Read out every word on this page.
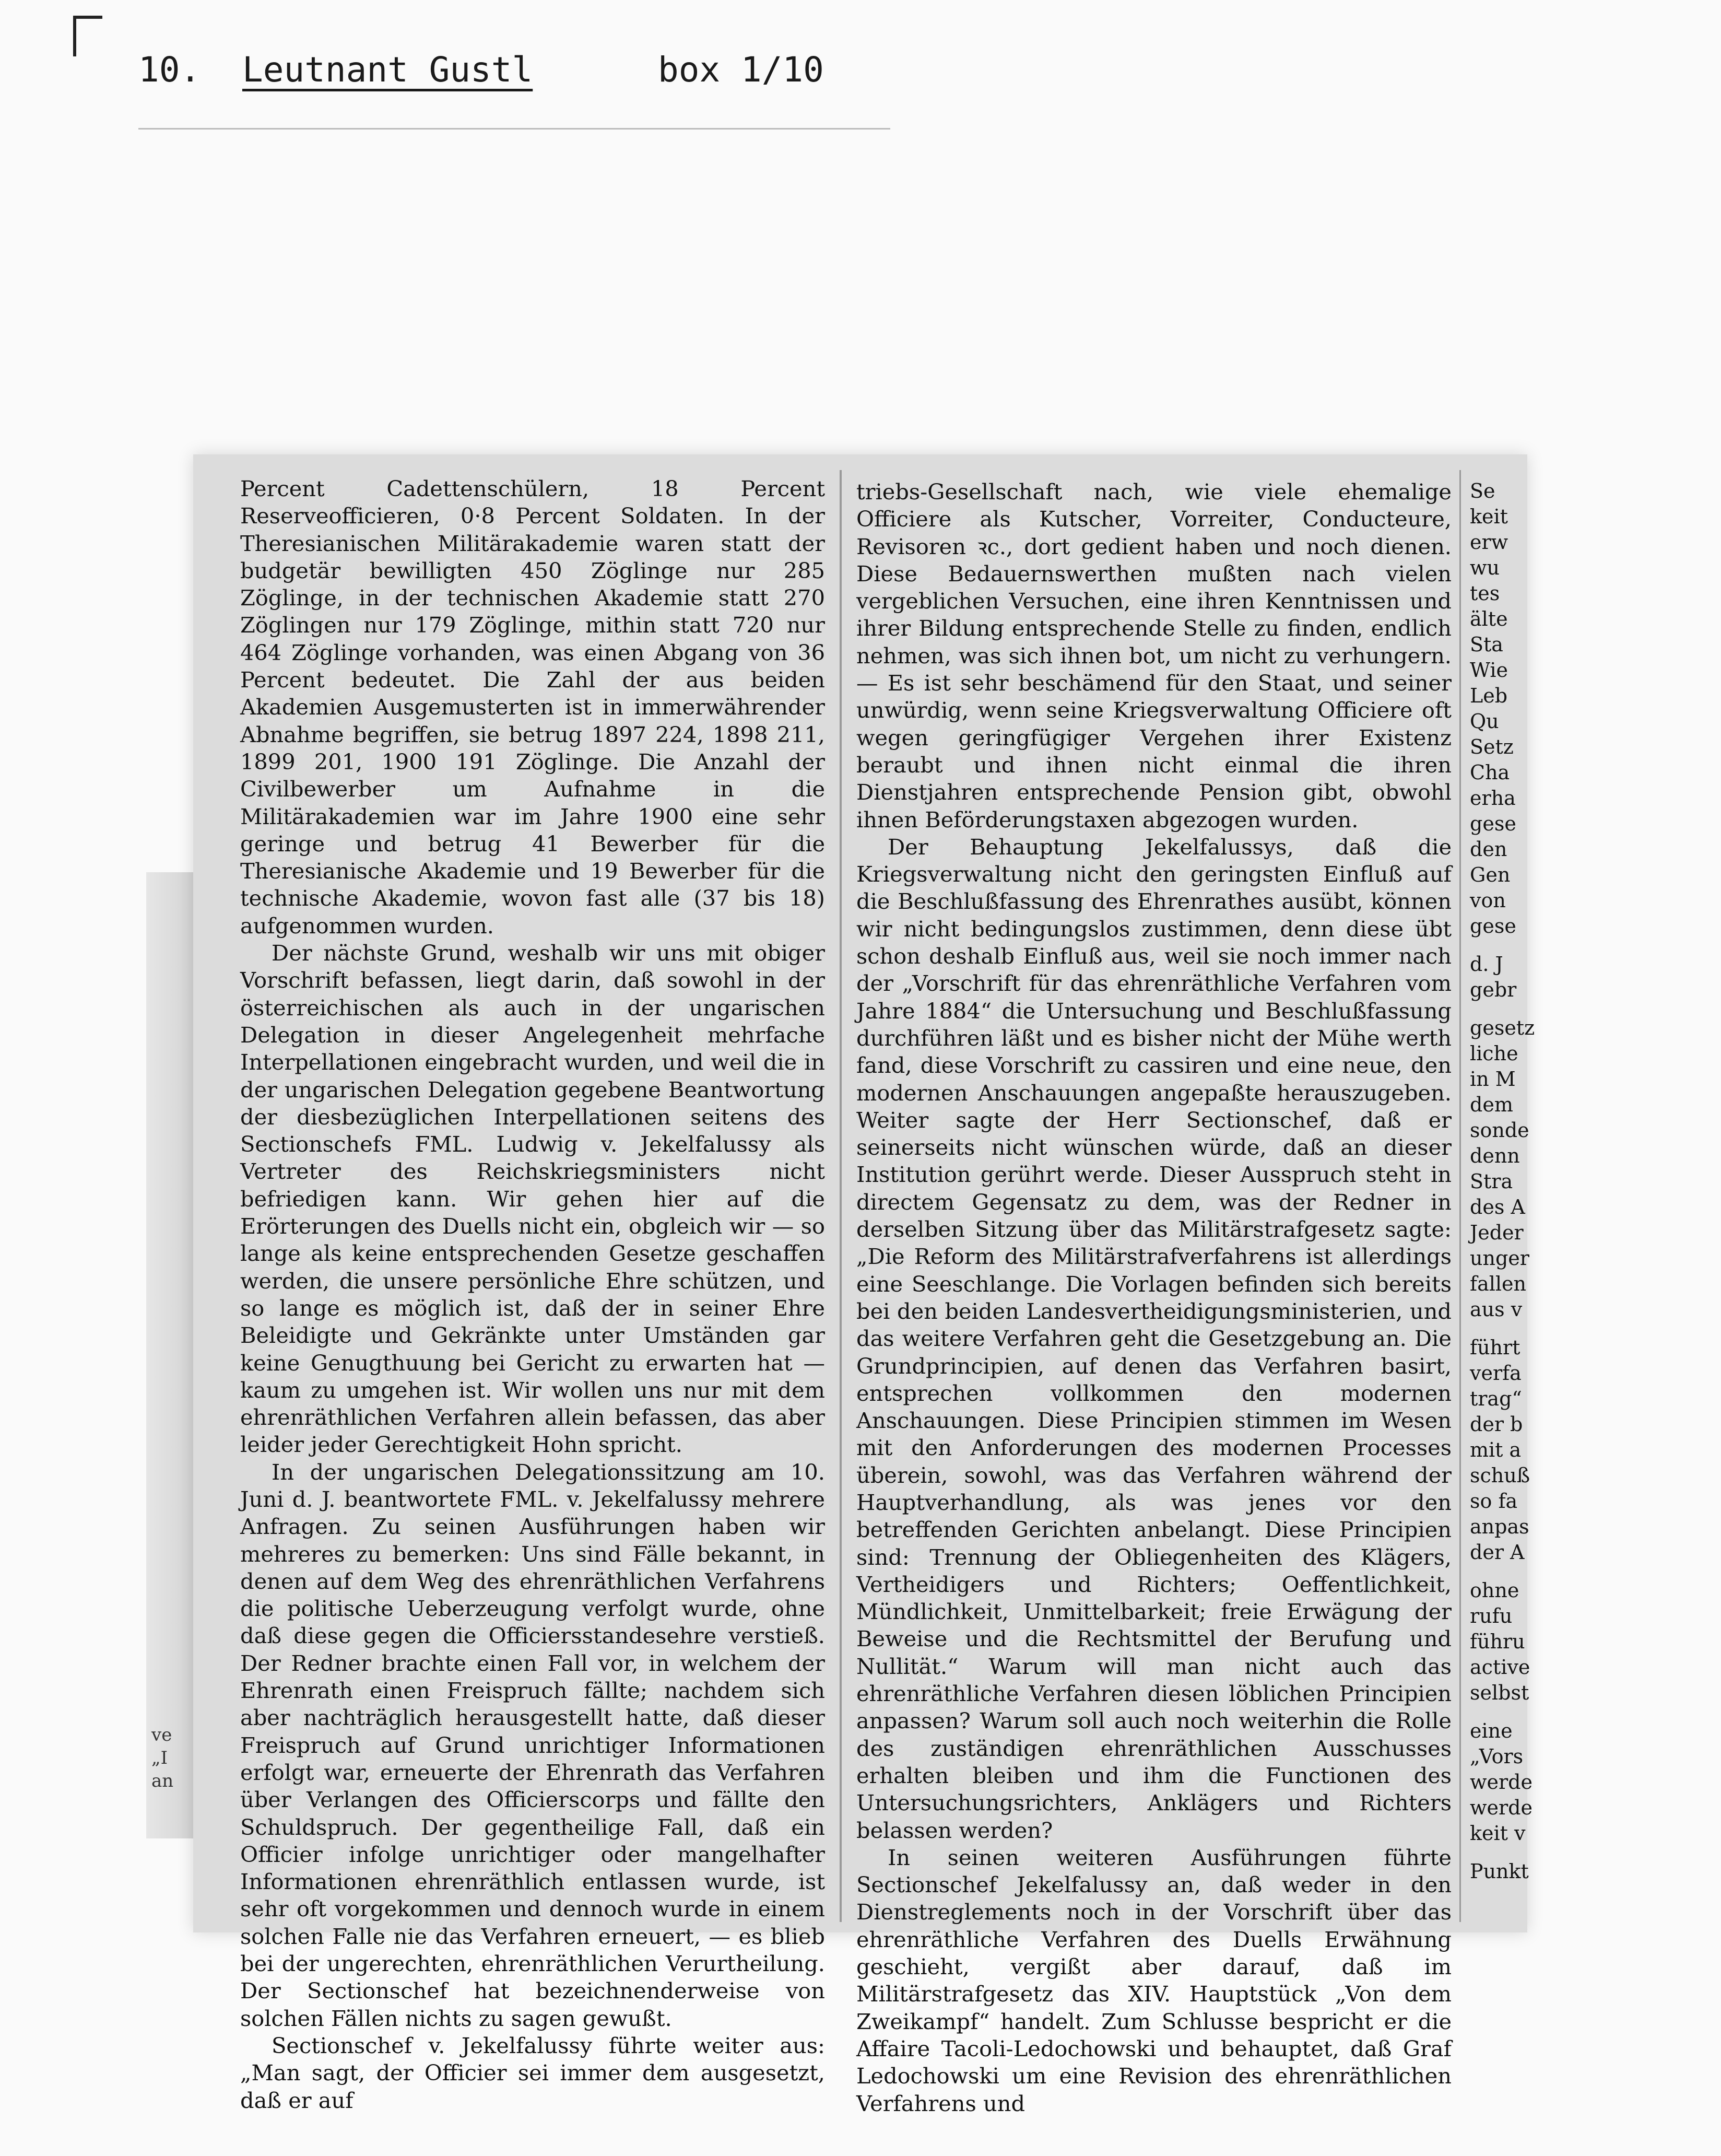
10. Leutnant Gustl	box 1/10
ve
„I
an

Percent Cadettenschülern, 18 Percent Reserveofficieren, 0·8 Percent Soldaten. In der Theresianischen Militärakademie waren statt der budgetär bewilligten 450 Zöglinge nur 285 Zöglinge, in der technischen Akademie statt 270 Zöglingen nur 179 Zöglinge, mithin statt 720 nur 464 Zöglinge vorhanden, was einen Abgang von 36 Percent bedeutet. Die Zahl der aus beiden Akademien Ausgemusterten ist in immerwährender Abnahme begriffen, sie betrug 1897 224, 1898 211, 1899 201, 1900 191 Zöglinge. Die Anzahl der Civilbewerber um Aufnahme in die Militärakademien war im Jahre 1900 eine sehr geringe und betrug 41 Bewerber für die Theresianische Akademie und 19 Bewerber für die technische Akademie, wovon fast alle (37 bis 18) aufgenommen wurden.

Der nächste Grund, weshalb wir uns mit obiger Vorschrift befassen, liegt darin, daß sowohl in der österreichischen als auch in der ungarischen Delegation in dieser Angelegenheit mehrfache Interpellationen eingebracht wurden, und weil die in der ungarischen Delegation gegebene Beantwortung der diesbezüglichen Interpellationen seitens des Sectionschefs FML. Ludwig v. Jekelfalussy als Vertreter des Reichskriegsministers nicht befriedigen kann. Wir gehen hier auf die Erörterungen des Duells nicht ein, obgleich wir — so lange als keine entsprechenden Gesetze geschaffen werden, die unsere persönliche Ehre schützen, und so lange es möglich ist, daß der in seiner Ehre Beleidigte und Gekränkte unter Umständen gar keine Genugthuung bei Gericht zu erwarten hat — kaum zu umgehen ist. Wir wollen uns nur mit dem ehrenräthlichen Verfahren allein befassen, das aber leider jeder Gerechtigkeit Hohn spricht.

In der ungarischen Delegationssitzung am 10. Juni d. J. beantwortete FML. v. Jekelfalussy mehrere Anfragen. Zu seinen Ausführungen haben wir mehreres zu bemerken: Uns sind Fälle bekannt, in denen auf dem Weg des ehrenräthlichen Verfahrens die politische Ueberzeugung verfolgt wurde, ohne daß diese gegen die Officiersstandesehre verstieß. Der Redner brachte einen Fall vor, in welchem der Ehrenrath einen Freispruch fällte; nachdem sich aber nachträglich herausgestellt hatte, daß dieser Freispruch auf Grund unrichtiger Informationen erfolgt war, erneuerte der Ehrenrath das Verfahren über Verlangen des Officierscorps und fällte den Schuldspruch. Der gegentheilige Fall, daß ein Officier infolge unrichtiger oder mangelhafter Informationen ehrenräthlich entlassen wurde, ist sehr oft vorgekommen und dennoch wurde in einem solchen Falle nie das Verfahren erneuert, — es blieb bei der ungerechten, ehrenräthlichen Verurtheilung. Der Sectionschef hat bezeichnenderweise von solchen Fällen nichts zu sagen gewußt.

Sectionschef v. Jekelfalussy führte weiter aus: „Man sagt, der Officier sei immer dem ausgesetzt, daß er auf

triebs-Gesellschaft nach, wie viele ehemalige Officiere als Kutscher, Vorreiter, Conducteure, Revisoren ꝛc., dort gedient haben und noch dienen. Diese Bedauernswerthen mußten nach vielen vergeblichen Versuchen, eine ihren Kenntnissen und ihrer Bildung entsprechende Stelle zu finden, endlich nehmen, was sich ihnen bot, um nicht zu verhungern. — Es ist sehr beschämend für den Staat, und seiner unwürdig, wenn seine Kriegsverwaltung Officiere oft wegen geringfügiger Vergehen ihrer Existenz beraubt und ihnen nicht einmal die ihren Dienstjahren entsprechende Pension gibt, obwohl ihnen Beförderungstaxen abgezogen wurden.

Der Behauptung Jekelfalussys, daß die Kriegsverwaltung nicht den geringsten Einfluß auf die Beschlußfassung des Ehrenrathes ausübt, können wir nicht bedingungslos zustimmen, denn diese übt schon deshalb Einfluß aus, weil sie noch immer nach der „Vorschrift für das ehrenräthliche Verfahren vom Jahre 1884“ die Untersuchung und Beschlußfassung durchführen läßt und es bisher nicht der Mühe werth fand, diese Vorschrift zu cassiren und eine neue, den modernen Anschauungen angepaßte herauszugeben. Weiter sagte der Herr Sectionschef, daß er seinerseits nicht wünschen würde, daß an dieser Institution gerührt werde. Dieser Ausspruch steht in directem Gegensatz zu dem, was der Redner in derselben Sitzung über das Militärstrafgesetz sagte: „Die Reform des Militärstrafverfahrens ist allerdings eine Seeschlange. Die Vorlagen befinden sich bereits bei den beiden Landesvertheidigungsministerien, und das weitere Verfahren geht die Gesetzgebung an. Die Grundprincipien, auf denen das Verfahren basirt, entsprechen vollkommen den modernen Anschauungen. Diese Principien stimmen im Wesen mit den Anforderungen des modernen Processes überein, sowohl, was das Verfahren während der Hauptverhandlung, als was jenes vor den betreffenden Gerichten anbelangt. Diese Principien sind: Trennung der Obliegenheiten des Klägers, Vertheidigers und Richters; Oeffentlichkeit, Mündlichkeit, Unmittelbarkeit; freie Erwägung der Beweise und die Rechtsmittel der Berufung und Nullität.“ Warum will man nicht auch das ehrenräthliche Verfahren diesen löblichen Principien anpassen? Warum soll auch noch weiterhin die Rolle des zuständigen ehrenräthlichen Ausschusses erhalten bleiben und ihm die Functionen des Untersuchungsrichters, Anklägers und Richters belassen werden?

In seinen weiteren Ausführungen führte Sectionschef Jekelfalussy an, daß weder in den Dienstreglements noch in der Vorschrift über das ehrenräthliche Verfahren des Duells Erwähnung geschieht, vergißt aber darauf, daß im Militärstrafgesetz das XIV. Hauptstück „Von dem Zweikampf“ handelt. Zum Schlusse bespricht er die Affaire Tacoli-Ledochowski und behauptet, daß Graf Ledochowski um eine Revision des ehrenräthlichen Verfahrens und

Se
keit
erw
wu
tes
älte
Sta
Wie
Leb
Qu
Setz
Cha
erha
gese
den
Gen
von
gese
d. J
gebr
gesetz
liche
in M
dem
sonde
denn
Stra
des A
Jeder
unger
fallen
aus v
führt
verfa
trag“
der b
mit a
schuß
so fa
anpas
der A
ohne
rufu
führu
active
selbst
eine
„Vors
werde
werde
keit v
Punkt
